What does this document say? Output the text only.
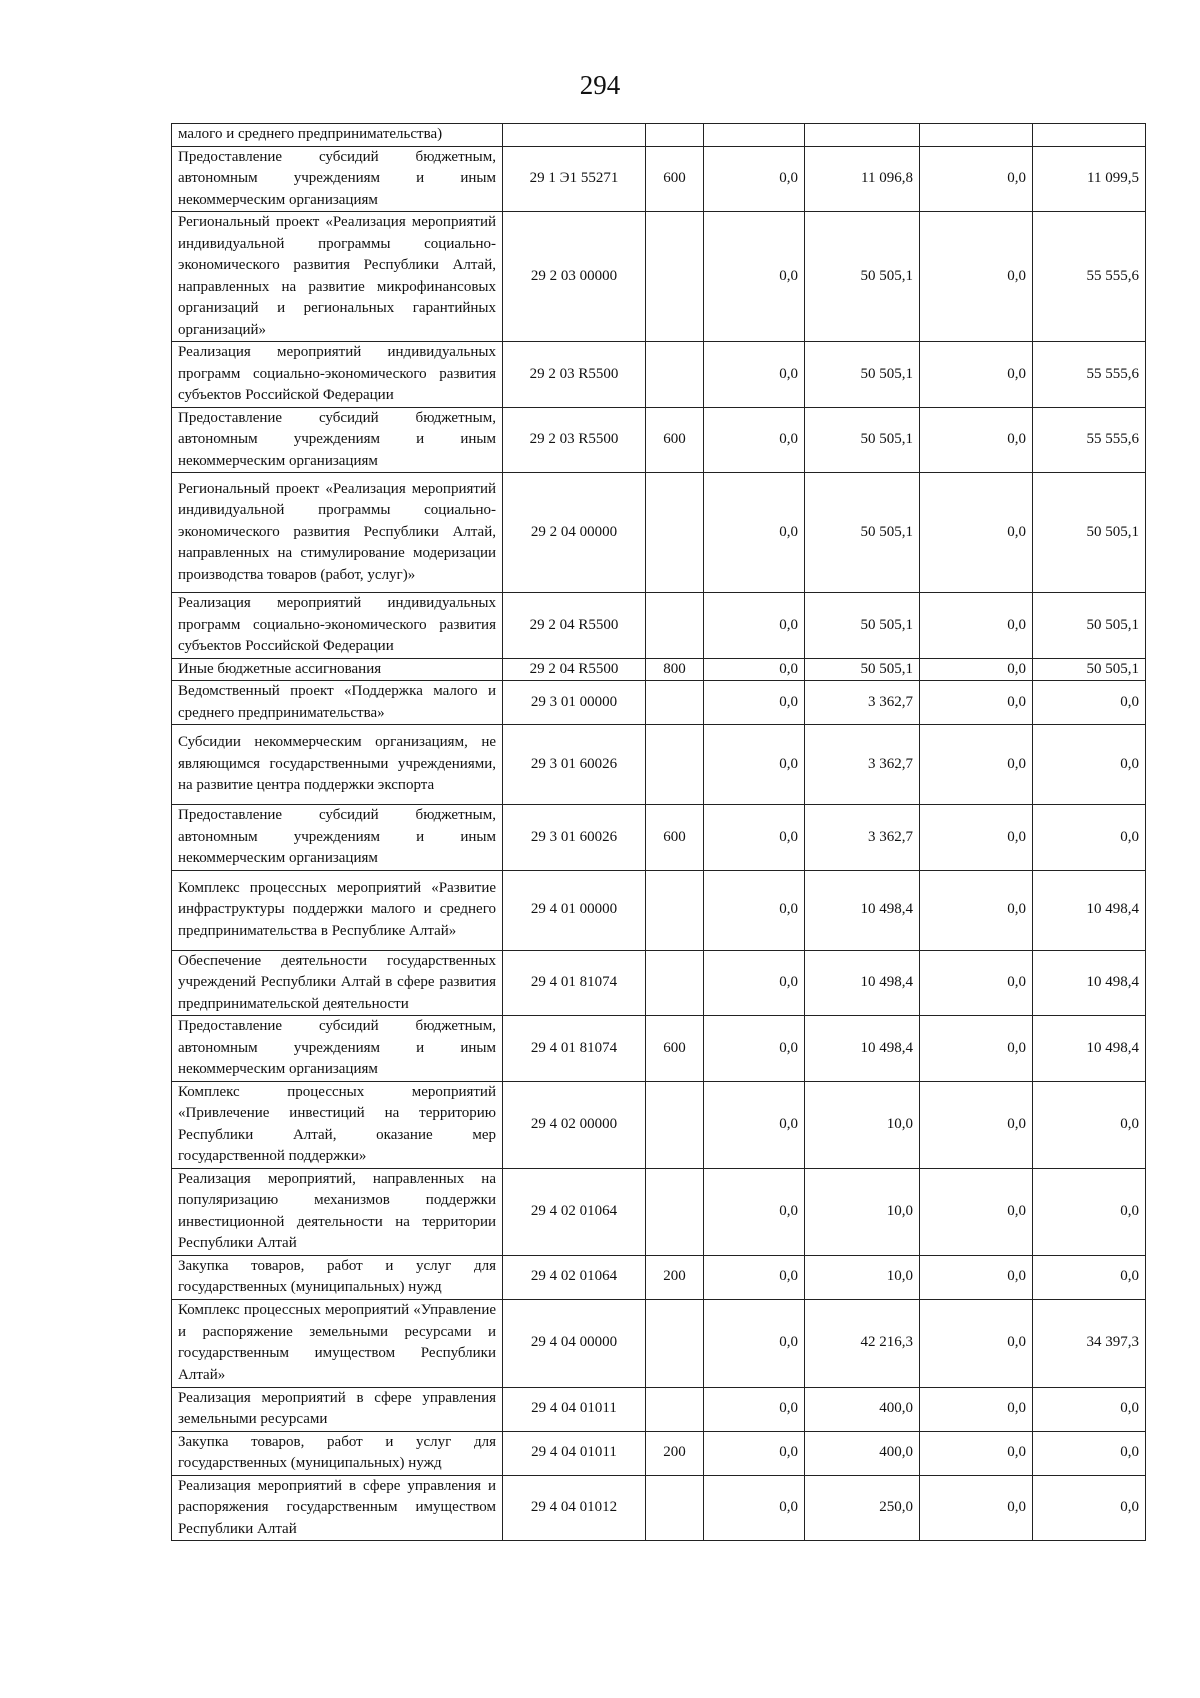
294
малого и среднего предпринимательства)						
Предоставление субсидий бюджетным, автономным учреждениям и иным некоммерческим организациям	29 1 Э1 55271	600	0,0	11 096,8	0,0	11 099,5
Региональный проект «Реализация мероприятий индивидуальной программы социально-экономического развития Республики Алтай, направленных на развитие микрофинансовых организаций и региональных гарантийных организаций»	29 2 03 00000		0,0	50 505,1	0,0	55 555,6
Реализация мероприятий индивидуальных программ социально-экономического развития субъектов Российской Федерации	29 2 03 R5500		0,0	50 505,1	0,0	55 555,6
Предоставление субсидий бюджетным, автономным учреждениям и иным некоммерческим организациям	29 2 03 R5500	600	0,0	50 505,1	0,0	55 555,6
Региональный проект «Реализация мероприятий индивидуальной программы социально-экономического развития Республики Алтай, направленных на стимулирование модеризации производства товаров (работ, услуг)»	29 2 04 00000		0,0	50 505,1	0,0	50 505,1
Реализация мероприятий индивидуальных программ социально-экономического развития субъектов Российской Федерации	29 2 04 R5500		0,0	50 505,1	0,0	50 505,1
Иные бюджетные ассигнования	29 2 04 R5500	800	0,0	50 505,1	0,0	50 505,1
Ведомственный проект «Поддержка малого и среднего предпринимательства»	29 3 01 00000		0,0	3 362,7	0,0	0,0
Субсидии некоммерческим организациям, не являющимся государственными учреждениями, на развитие центра поддержки экспорта	29 3 01 60026		0,0	3 362,7	0,0	0,0
Предоставление субсидий бюджетным, автономным учреждениям и иным некоммерческим организациям	29 3 01 60026	600	0,0	3 362,7	0,0	0,0
Комплекс процессных мероприятий «Развитие инфраструктуры поддержки малого и среднего предпринимательства в Республике Алтай»	29 4 01 00000		0,0	10 498,4	0,0	10 498,4
Обеспечение деятельности государственных учреждений Республики Алтай в сфере развития предпринимательской деятельности	29 4 01 81074		0,0	10 498,4	0,0	10 498,4
Предоставление субсидий бюджетным, автономным учреждениям и иным некоммерческим организациям	29 4 01 81074	600	0,0	10 498,4	0,0	10 498,4
Комплекс процессных мероприятий «Привлечение инвестиций на территорию Республики Алтай, оказание мер государственной поддержки»	29 4 02 00000		0,0	10,0	0,0	0,0
Реализация мероприятий, направленных на популяризацию механизмов поддержки инвестиционной деятельности на территории Республики Алтай	29 4 02 01064		0,0	10,0	0,0	0,0
Закупка товаров, работ и услуг для государственных (муниципальных) нужд	29 4 02 01064	200	0,0	10,0	0,0	0,0
Комплекс процессных мероприятий «Управление и распоряжение земельными ресурсами и государственным имуществом Республики Алтай»	29 4 04 00000		0,0	42 216,3	0,0	34 397,3
Реализация мероприятий в сфере управления земельными ресурсами	29 4 04 01011		0,0	400,0	0,0	0,0
Закупка товаров, работ и услуг для государственных (муниципальных) нужд	29 4 04 01011	200	0,0	400,0	0,0	0,0
Реализация мероприятий в сфере управления и распоряжения государственным имуществом Республики Алтай	29 4 04 01012		0,0	250,0	0,0	0,0
